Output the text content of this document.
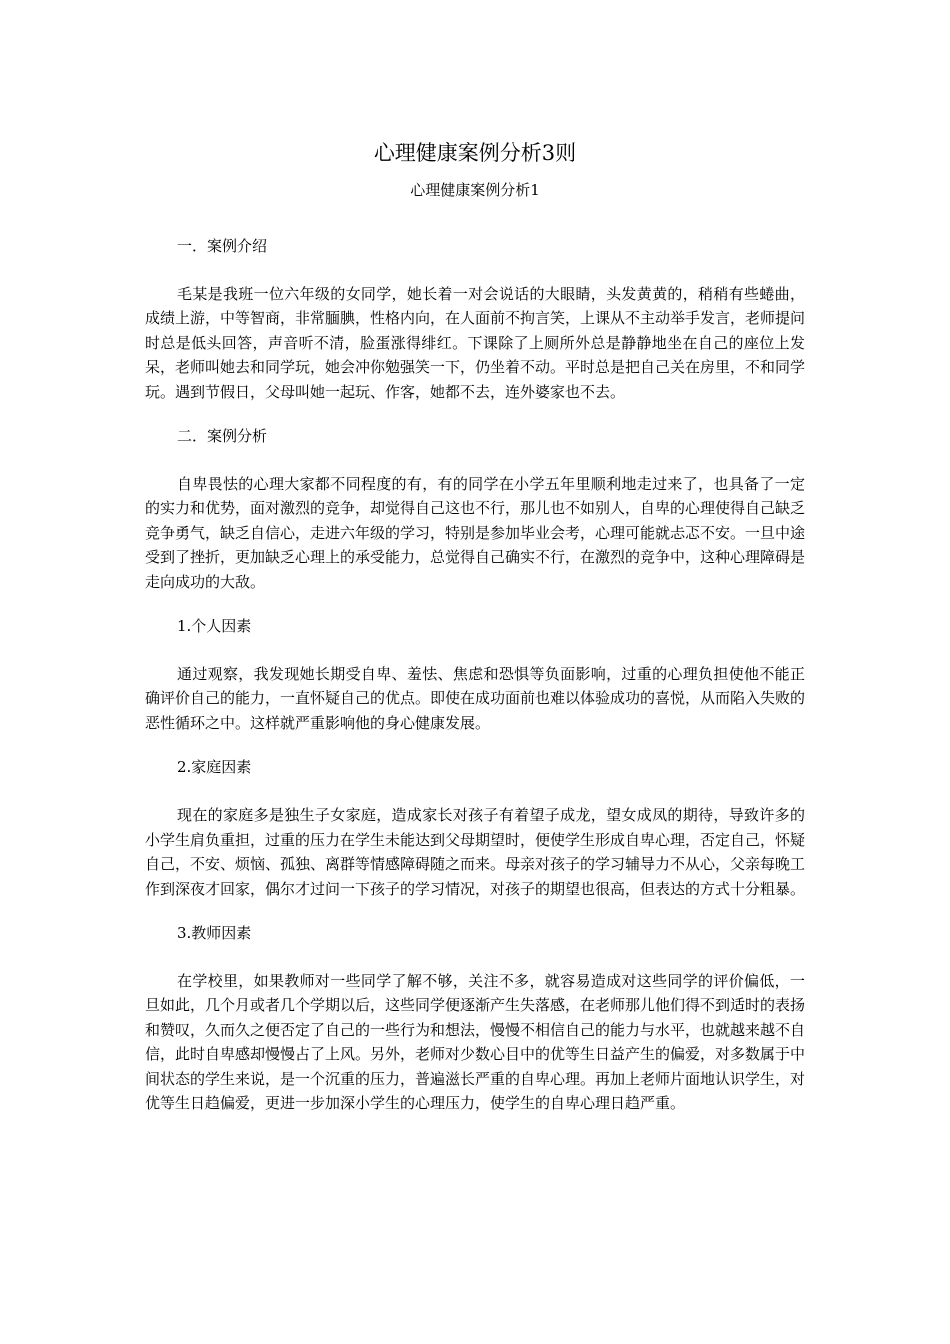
心理健康案例分析3则
心理健康案例分析1

一．案例介绍

毛某是我班一位六年级的女同学，她长着一对会说话的大眼睛，头发黄黄的，稍稍有些蜷曲，成绩上游，中等智商，非常腼腆，性格内向，在人面前不拘言笑，上课从不主动举手发言，老师提问时总是低头回答，声音听不清，脸蛋涨得绯红。下课除了上厕所外总是静静地坐在自己的座位上发呆，老师叫她去和同学玩，她会冲你勉强笑一下，仍坐着不动。平时总是把自己关在房里，不和同学玩。遇到节假日，父母叫她一起玩、作客，她都不去，连外婆家也不去。

二．案例分析

自卑畏怯的心理大家都不同程度的有，有的同学在小学五年里顺利地走过来了，也具备了一定的实力和优势，面对激烈的竞争，却觉得自己这也不行，那儿也不如别人，自卑的心理使得自己缺乏竞争勇气，缺乏自信心，走进六年级的学习，特别是参加毕业会考，心理可能就忐忑不安。一旦中途受到了挫折，更加缺乏心理上的承受能力，总觉得自己确实不行，在激烈的竞争中，这种心理障碍是走向成功的大敌。

1.个人因素

通过观察，我发现她长期受自卑、羞怯、焦虑和恐惧等负面影响，过重的心理负担使他不能正确评价自己的能力，一直怀疑自己的优点。即使在成功面前也难以体验成功的喜悦，从而陷入失败的恶性循环之中。这样就严重影响他的身心健康发展。

2.家庭因素

现在的家庭多是独生子女家庭，造成家长对孩子有着望子成龙，望女成凤的期待，导致许多的小学生肩负重担，过重的压力在学生未能达到父母期望时，便使学生形成自卑心理，否定自己，怀疑自己，不安、烦恼、孤独、离群等情感障碍随之而来。母亲对孩子的学习辅导力不从心，父亲每晚工作到深夜才回家，偶尔才过问一下孩子的学习情况，对孩子的期望也很高，但表达的方式十分粗暴。

3.教师因素

在学校里，如果教师对一些同学了解不够，关注不多，就容易造成对这些同学的评价偏低，一旦如此，几个月或者几个学期以后，这些同学便逐渐产生失落感，在老师那儿他们得不到适时的表扬和赞叹，久而久之便否定了自己的一些行为和想法，慢慢不相信自己的能力与水平，也就越来越不自信，此时自卑感却慢慢占了上风。另外，老师对少数心目中的优等生日益产生的偏爱，对多数属于中间状态的学生来说，是一个沉重的压力，普遍滋长严重的自卑心理。再加上老师片面地认识学生，对优等生日趋偏爱，更进一步加深小学生的心理压力，使学生的自卑心理日趋严重。
